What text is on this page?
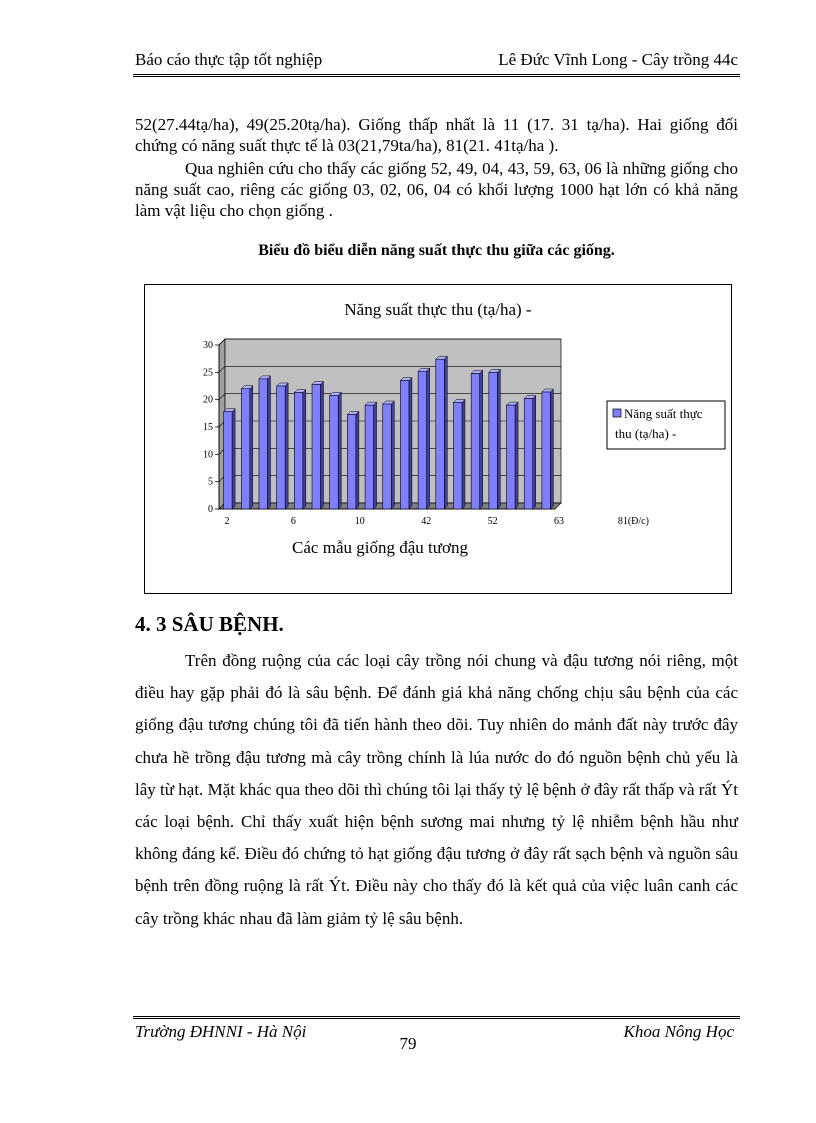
Báo cáo thực tập tốt nghiệp	Lê Đức Vĩnh Long - Cây trồng 44c
52(27.44tạ/ha), 49(25.20tạ/ha). Giống thấp nhất là 11 (17. 31 tạ/ha). Hai giống đối chứng có năng suất thực tế là 03(21,79ta/ha), 81(21. 41tạ/ha ).
Qua nghiên cứu cho thấy các giống 52, 49, 04, 43, 59, 63, 06 là những giống cho năng suất cao, riêng các giống 03, 02, 06, 04 có khối lượng 1000 hạt lớn có khả năng làm vật liệu cho chọn giống .
Biểu đồ biểu diễn năng suất thực thu giữa các giống.
Năng suất thực thu (tạ/ha) -
0
5
10
15
20
25
30
2	6	10	42	52	63	81(Đ/c)
Các mẫu giống đậu tương
Năng suất thực
thu (tạ/ha) -
4. 3 SÂU BỆNH.
Trên đồng ruộng của các loại cây trồng nói chung và đậu tương nói riêng, một điều hay gặp phải đó là sâu bệnh. Để đánh giá khả năng chống chịu sâu bệnh của các giống đậu tương chúng tôi đã tiến hành theo dõi. Tuy nhiên do mảnh đất này trước đây chưa hề trồng đậu tương mà cây trồng chính là lúa nước do đó nguồn bệnh chủ yếu là lây từ hạt. Mặt khác qua theo dõi thì chúng tôi lại thấy tỷ lệ bệnh ở đây rất thấp và rất Ýt các loại bệnh. Chỉ thấy xuất hiện bệnh sương mai nhưng tỷ lệ nhiễm bệnh hầu như không đáng kể. Điều đó chứng tỏ hạt giống đậu tương ở đây rất sạch bệnh và nguồn sâu bệnh trên đồng ruộng là rất Ýt. Điều này cho thấy đó là kết quả của việc luân canh các cây trồng khác nhau đã làm giảm tỷ lệ sâu bệnh.
Trường ĐHNNI - Hà Nội
79
Khoa Nông Học
